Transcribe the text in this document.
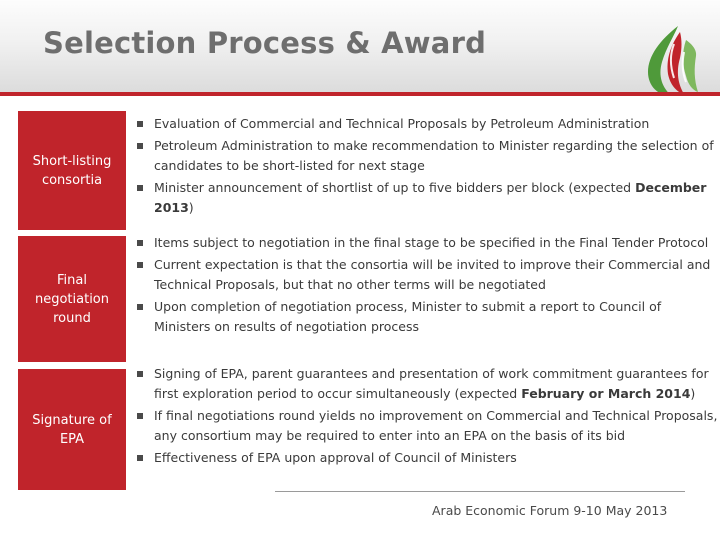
Selection Process & Award
Short-listing consortia
Evaluation of Commercial and Technical Proposals by Petroleum Administration
Petroleum Administration to make recommendation to Minister regarding the selection of candidates to be short-listed for next stage
Minister announcement of shortlist of up to five bidders per block (expected December 2013)
Final negotiation round
Items subject to negotiation in the final stage to be specified in the Final Tender Protocol
Current expectation is that the consortia will be invited to improve their Commercial and Technical Proposals, but that no other terms will be negotiated
Upon completion of negotiation process, Minister to submit a report to Council of Ministers on results of negotiation process
Signature of EPA
Signing of EPA, parent guarantees and presentation of work commitment guarantees for first exploration period to occur simultaneously (expected February or March 2014)
If final negotiations round yields no improvement on Commercial and Technical Proposals, any consortium may be required to enter into an EPA on the basis of its bid
Effectiveness of EPA upon approval of Council of Ministers
Arab Economic Forum 9-10 May 2013
